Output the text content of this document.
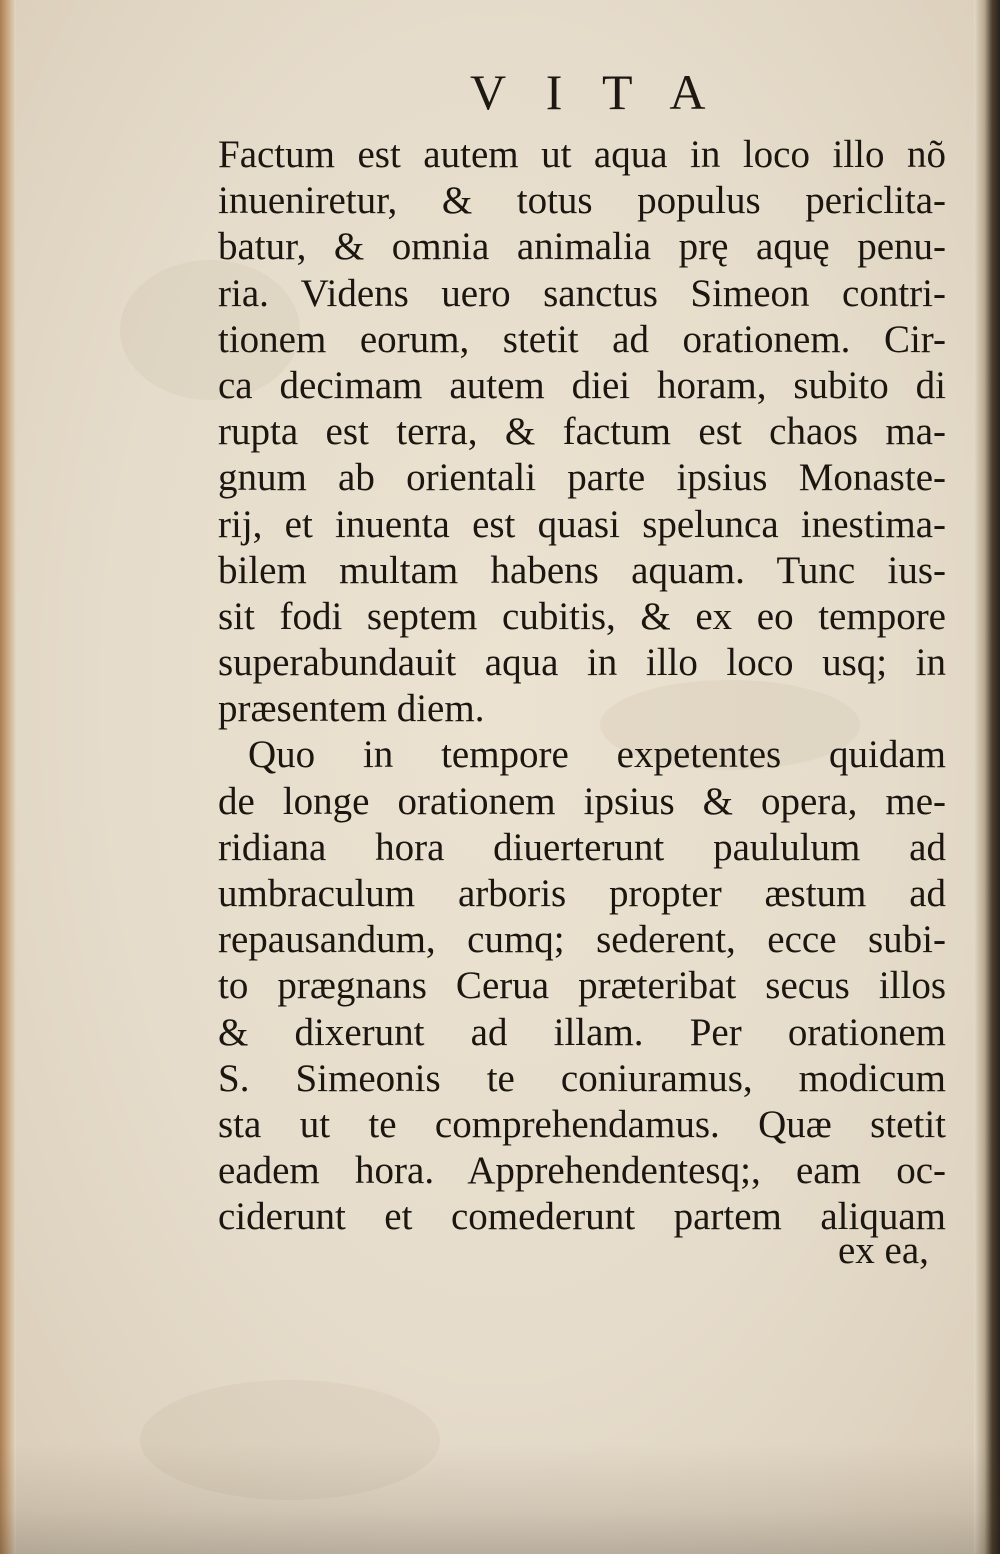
V I T A
Factum est autem ut aqua in loco illo nõ
inueniretur, & totus populus periclita-
batur, & omnia animalia prę aquę penu-
ria. Videns uero sanctus Simeon contri-
tionem eorum, stetit ad orationem. Cir-
ca decimam autem diei horam, subito di
rupta est terra, & factum est chaos ma-
gnum ab orientali parte ipsius Monaste-
rij, et inuenta est quasi spelunca inestima-
bilem multam habens aquam. Tunc ius-
sit fodi septem cubitis, & ex eo tempore
superabundauit aqua in illo loco usq; in
præsentem diem.
Quo in tempore expetentes quidam
de longe orationem ipsius & opera, me-
ridiana hora diuerterunt paululum ad
umbraculum arboris propter æstum ad
repausandum, cumq; sederent, ecce subi-
to prægnans Cerua præteribat secus illos
& dixerunt ad illam. Per orationem
S. Simeonis te coniuramus, modicum
sta ut te comprehendamus. Quæ stetit
eadem hora. Apprehendentesq;, eam oc-
ciderunt et comederunt partem aliquam
ex ea,
